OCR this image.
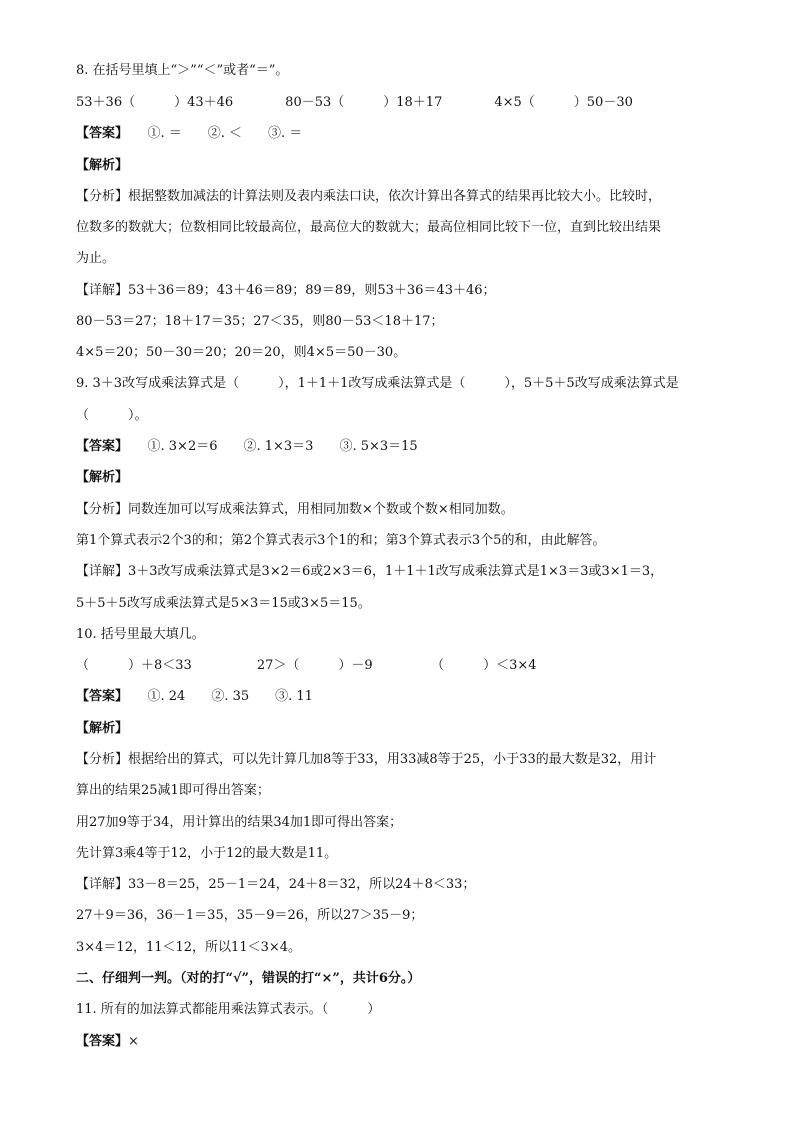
8. 在括号里填上“＞”“＜”或者“＝”。
53＋36（　　　）43＋46　　　　80－53（　　　）18＋17　　　　4×5（　　　）50－30
【答案】　　①. ＝　　②. ＜　　③. ＝
【解析】
【分析】根据整数加减法的计算法则及表内乘法口诀，依次计算出各算式的结果再比较大小。比较时，
位数多的数就大；位数相同比较最高位，最高位大的数就大；最高位相同比较下一位，直到比较出结果
为止。
【详解】53＋36＝89；43＋46＝89；89＝89，则53＋36＝43＋46；
80－53＝27；18＋17＝35；27＜35，则80－53＜18＋17；
4×5＝20；50－30＝20；20＝20，则4×5＝50－30。
9. 3＋3改写成乘法算式是（　　　），1＋1＋1改写成乘法算式是（　　　），5＋5＋5改写成乘法算式是
（　　　）。
【答案】　　①. 3×2＝6　　②. 1×3＝3　　③. 5×3＝15
【解析】
【分析】同数连加可以写成乘法算式，用相同加数×个数或个数×相同加数。
第1个算式表示2个3的和；第2个算式表示3个1的和；第3个算式表示3个5的和，由此解答。
【详解】3＋3改写成乘法算式是3×2＝6或2×3＝6，1＋1＋1改写成乘法算式是1×3＝3或3×1＝3，
5＋5＋5改写成乘法算式是5×3＝15或3×5＝15。
10. 括号里最大填几。
（　　　）＋8＜33　　　　　27＞（　　　）－9　　　　　（　　　）＜3×4
【答案】　　①. 24　　②. 35　　③. 11
【解析】
【分析】根据给出的算式，可以先计算几加8等于33，用33减8等于25，小于33的最大数是32，用计
算出的结果25减1即可得出答案；
用27加9等于34，用计算出的结果34加1即可得出答案；
先计算3乘4等于12，小于12的最大数是11。
【详解】33－8＝25，25－1＝24，24＋8＝32，所以24＋8＜33；
27＋9＝36，36－1＝35，35－9＝26，所以27＞35－9；
3×4＝12，11＜12，所以11＜3×4。
二、仔细判一判。（对的打“√”，错误的打“×”，共计6分。）
11. 所有的加法算式都能用乘法算式表示。（　　　）
【答案】×
